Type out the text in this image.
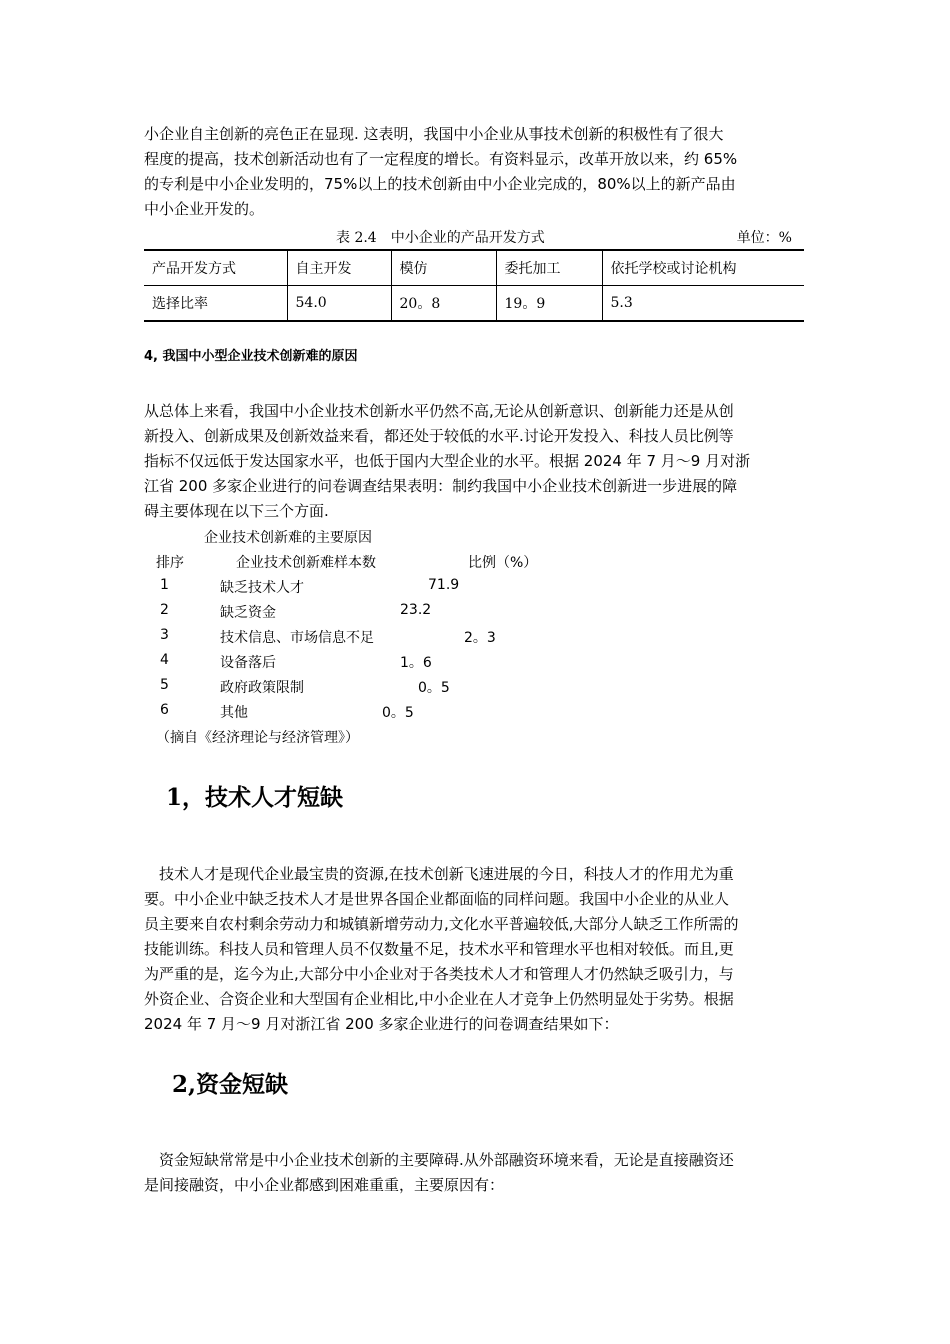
小企业自主创新的亮色正在显现. 这表明，我国中小企业从事技术创新的积极性有了很大
程度的提高，技术创新活动也有了一定程度的增长。有资料显示，改革开放以来，约 65%
的专利是中小企业发明的，75%以上的技术创新由中小企业完成的，80%以上的新产品由
中小企业开发的。
表 2.4　中小企业的产品开发方式	单位：%
产品开发方式	自主开发	模仿	委托加工	依托学校或讨论机构
选择比率	54.0	20。8	19。9	5.3
4, 我国中小型企业技术创新难的原因
从总体上来看，我国中小企业技术创新水平仍然不高,无论从创新意识、创新能力还是从创
新投入、创新成果及创新效益来看，都还处于较低的水平.讨论开发投入、科技人员比例等
指标不仅远低于发达国家水平，也低于国内大型企业的水平。根据 2024 年 7 月～9 月对浙
江省 200 多家企业进行的问卷调查结果表明：制约我国中小企业技术创新进一步进展的障
碍主要体现在以下三个方面.
企业技术创新难的主要原因
排序	企业技术创新难样本数	比例（%）
1	缺乏技术人才	71.9
2	缺乏资金	23.2
3	技术信息、市场信息不足	2。3
4	设备落后	1。6
5	政府政策限制	0。5
6	其他	0。5
（摘自《经济理论与经济管理》）
1，技术人才短缺
　技术人才是现代企业最宝贵的资源,在技术创新飞速进展的今日，科技人才的作用尤为重
要。中小企业中缺乏技术人才是世界各国企业都面临的同样问题。我国中小企业的从业人
员主要来自农村剩余劳动力和城镇新增劳动力,文化水平普遍较低,大部分人缺乏工作所需的
技能训练。科技人员和管理人员不仅数量不足，技术水平和管理水平也相对较低。而且,更
为严重的是，迄今为止,大部分中小企业对于各类技术人才和管理人才仍然缺乏吸引力，与
外资企业、合资企业和大型国有企业相比,中小企业在人才竞争上仍然明显处于劣势。根据
2024 年 7 月～9 月对浙江省 200 多家企业进行的问卷调查结果如下：
2,资金短缺
　资金短缺常常是中小企业技术创新的主要障碍.从外部融资环境来看，无论是直接融资还
是间接融资，中小企业都感到困难重重，主要原因有：
